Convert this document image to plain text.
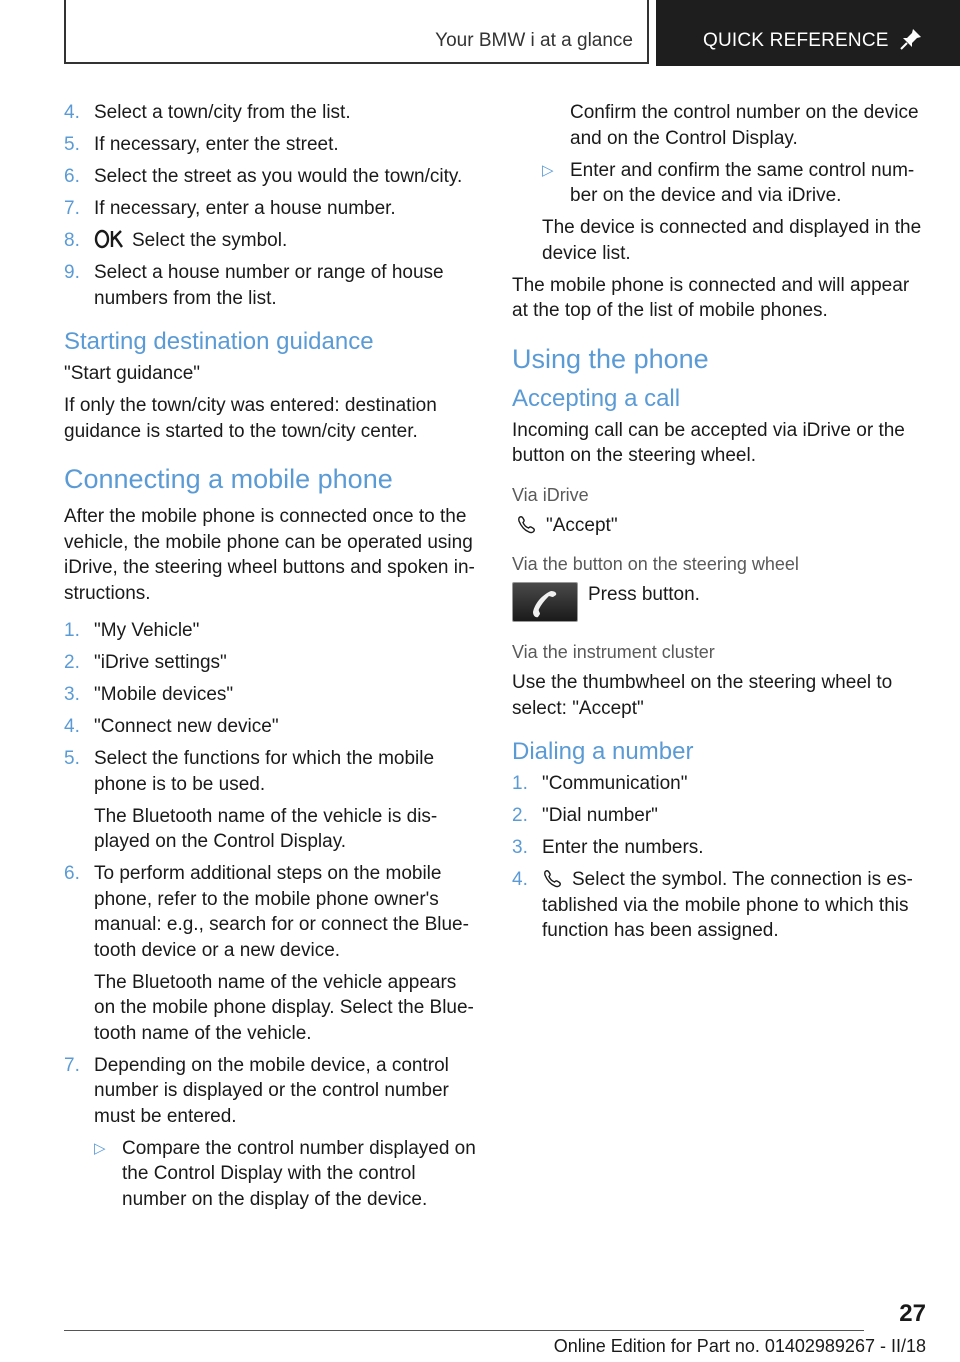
Your BMW i at a glance	QUICK REFERENCE
4. Select a town/city from the list.
5. If necessary, enter the street.
6. Select the street as you would the town/city.
7. If necessary, enter a house number.
8.	Select the symbol.
9. Select a house number or range of house numbers from the list.
Starting destination guidance
"Start guidance"
If only the town/city was entered: destination guidance is started to the town/city center.
Connecting a mobile phone
After the mobile phone is connected once to the vehicle, the mobile phone can be operated using iDrive, the steering wheel buttons and spoken in-structions.
1. "My Vehicle"
2. "iDrive settings"
3. "Mobile devices"
4. "Connect new device"
5. Select the functions for which the mobile phone is to be used.
The Bluetooth name of the vehicle is dis-played on the Control Display.
6. To perform additional steps on the mobile phone, refer to the mobile phone owner's manual: e.g., search for or connect the Blue-tooth device or a new device.
The Bluetooth name of the vehicle appears on the mobile phone display. Select the Blue-tooth name of the vehicle.
7. Depending on the mobile device, a control number is displayed or the control number must be entered.
▷ Compare the control number displayed on the Control Display with the control number on the display of the device.
Confirm the control number on the device and on the Control Display.
▷ Enter and confirm the same control num-ber on the device and via iDrive.
The device is connected and displayed in the device list.
The mobile phone is connected and will appear at the top of the list of mobile phones.
Using the phone
Accepting a call
Incoming call can be accepted via iDrive or the button on the steering wheel.
Via iDrive
"Accept"
Via the button on the steering wheel
Press button.
Via the instrument cluster
Use the thumbwheel on the steering wheel to select: "Accept"
Dialing a number
1. "Communication"
2. "Dial number"
3. Enter the numbers.
4. Select the symbol. The connection is es-tablished via the mobile phone to which this function has been assigned.
27
Online Edition for Part no. 01402989267 - II/18
